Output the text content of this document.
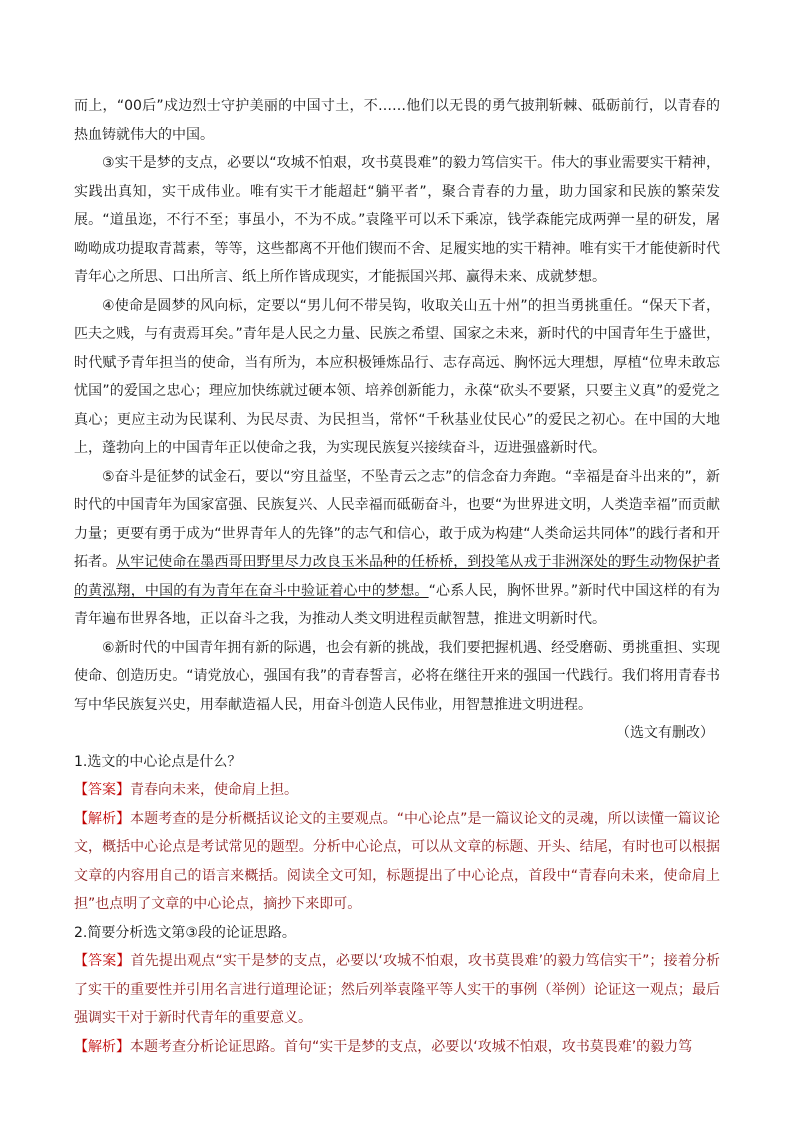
而上，“00后”戍边烈士守护美丽的中国寸土，不……他们以无畏的勇气披荆斩棘、砥砺前行，以青春的热血铸就伟大的中国。

③实干是梦的支点，必要以“攻城不怕艰，攻书莫畏难”的毅力笃信实干。伟大的事业需要实干精神，实践出真知，实干成伟业。唯有实干才能超赶“躺平者”，聚合青春的力量，助力国家和民族的繁荣发展。“道虽迩，不行不至；事虽小，不为不成。”袁隆平可以禾下乘凉，钱学森能完成两弹一星的研发，屠呦呦成功提取青蒿素，等等，这些都离不开他们锲而不舍、足履实地的实干精神。唯有实干才能使新时代青年心之所思、口出所言、纸上所作皆成现实，才能振国兴邦、赢得未来、成就梦想。

④使命是圆梦的风向标，定要以“男儿何不带吴钩，收取关山五十州”的担当勇挑重任。“保天下者，匹夫之贱，与有责焉耳矣。”青年是人民之力量、民族之希望、国家之未来，新时代的中国青年生于盛世，时代赋予青年担当的使命，当有所为，本应积极锤炼品行、志存高远、胸怀远大理想，厚植“位卑未敢忘忧国”的爱国之忠心；理应加快练就过硬本领、培养创新能力，永葆“砍头不要紧，只要主义真”的爱党之真心；更应主动为民谋利、为民尽责、为民担当，常怀“千秋基业仗民心”的爱民之初心。在中国的大地上，蓬勃向上的中国青年正以使命之我，为实现民族复兴接续奋斗，迈进强盛新时代。

⑤奋斗是征梦的试金石，要以“穷且益坚，不坠青云之志”的信念奋力奔跑。“幸福是奋斗出来的”，新时代的中国青年为国家富强、民族复兴、人民幸福而砥砺奋斗，也要“为世界进文明，人类造幸福”而贡献力量；更要有勇于成为“世界青年人的先锋”的志气和信心，敢于成为构建“人类命运共同体”的践行者和开拓者。从牢记使命在墨西哥田野里尽力改良玉米品种的任桥桥，到投笔从戎于非洲深处的野生动物保护者的黄泓翔，中国的有为青年在奋斗中验证着心中的梦想。“心系人民，胸怀世界。”新时代中国这样的有为青年遍布世界各地，正以奋斗之我，为推动人类文明进程贡献智慧，推进文明新时代。

⑥新时代的中国青年拥有新的际遇，也会有新的挑战，我们要把握机遇、经受磨砺、勇挑重担、实现使命、创造历史。“请党放心，强国有我”的青春誓言，必将在继往开来的强国一代践行。我们将用青春书写中华民族复兴史，用奉献造福人民，用奋斗创造人民伟业，用智慧推进文明进程。

（选文有删改）

1.选文的中心论点是什么？

【答案】青春向未来，使命肩上担。

【解析】本题考查的是分析概括议论文的主要观点。“中心论点”是一篇议论文的灵魂，所以读懂一篇议论文，概括中心论点是考试常见的题型。分析中心论点，可以从文章的标题、开头、结尾，有时也可以根据文章的内容用自己的语言来概括。阅读全文可知，标题提出了中心论点，首段中“青春向未来，使命肩上担”也点明了文章的中心论点，摘抄下来即可。

2.简要分析选文第③段的论证思路。

【答案】首先提出观点“实干是梦的支点，必要以‘攻城不怕艰，攻书莫畏难’的毅力笃信实干”；接着分析了实干的重要性并引用名言进行道理论证；然后列举袁隆平等人实干的事例（举例）论证这一观点；最后强调实干对于新时代青年的重要意义。

【解析】本题考查分析论证思路。首句“实干是梦的支点，必要以‘攻城不怕艰，攻书莫畏难’的毅力笃
